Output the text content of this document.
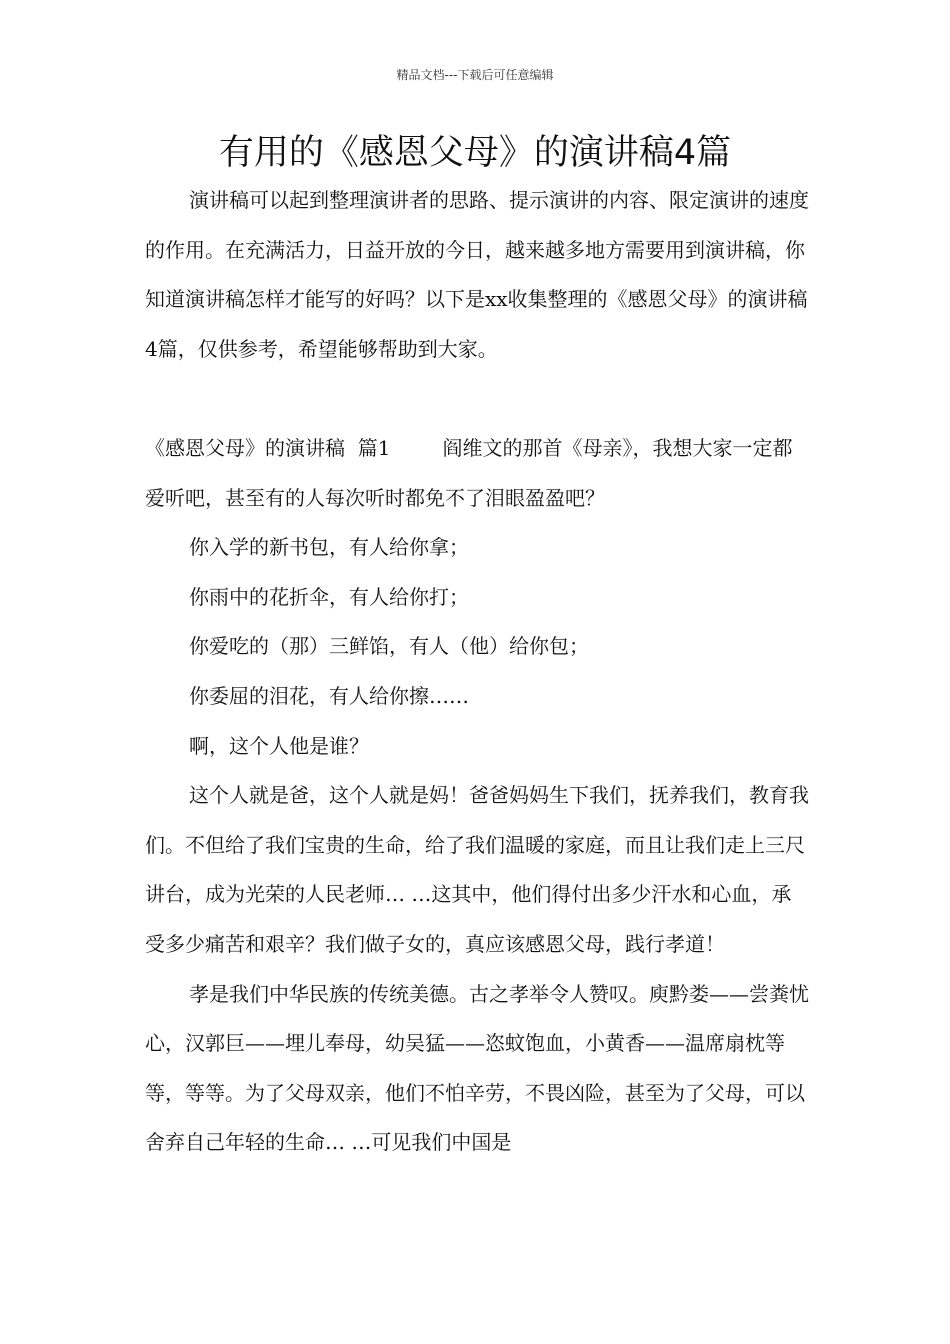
精品文档---下载后可任意编辑
有用的《感恩父母》的演讲稿4篇

演讲稿可以起到整理演讲者的思路、提示演讲的内容、限定演讲的速度的作用。在充满活力，日益开放的今日，越来越多地方需要用到演讲稿，你知道演讲稿怎样才能写的好吗？以下是xx收集整理的《感恩父母》的演讲稿4篇，仅供参考，希望能够帮助到大家。

《感恩父母》的演讲稿  篇1	阎维文的那首《母亲》，我想大家一定都爱听吧，甚至有的人每次听时都免不了泪眼盈盈吧？

你入学的新书包，有人给你拿；

你雨中的花折伞，有人给你打；

你爱吃的（那）三鲜馅，有人（他）给你包；

你委屈的泪花，有人给你擦……

啊，这个人他是谁？

这个人就是爸，这个人就是妈！爸爸妈妈生下我们，抚养我们，教育我们。不但给了我们宝贵的生命，给了我们温暖的家庭，而且让我们走上三尺讲台，成为光荣的人民老师… …这其中，他们得付出多少汗水和心血，承受多少痛苦和艰辛？我们做子女的，真应该感恩父母，践行孝道！

孝是我们中华民族的传统美德。古之孝举令人赞叹。庾黔娄——尝粪忧心，汉郭巨——埋儿奉母，幼吴猛——恣蚊饱血，小黄香——温席扇枕等等，等等。为了父母双亲，他们不怕辛劳，不畏凶险，甚至为了父母，可以舍弃自己年轻的生命… …可见我们中国是
